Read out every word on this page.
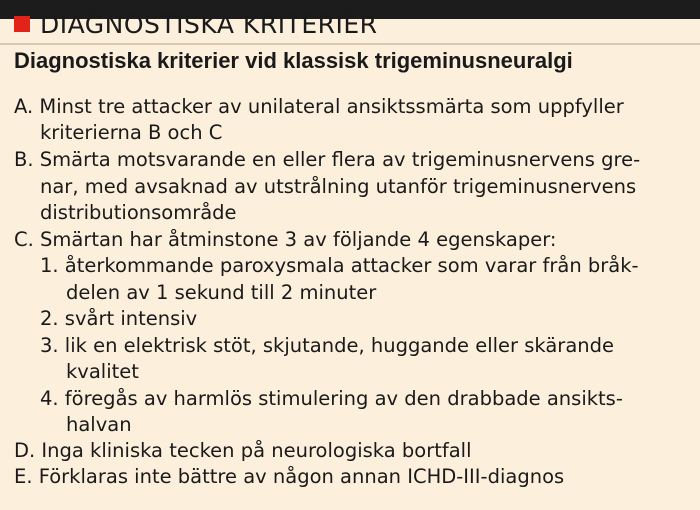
DIAGNOSTISKA KRITERIER
Diagnostiska kriterier vid klassisk trigeminusneuralgi
A. Minst tre attacker av unilateral ansiktssmärta som uppfyller
kriterierna B och C
B. Smärta motsvarande en eller flera av trigeminusnervens gre-
nar, med avsaknad av utstrålning utanför trigeminusnervens
distributionsområde
C. Smärtan har åtminstone 3 av följande 4 egenskaper:
1. återkommande paroxysmala attacker som varar från bråk-
delen av 1 sekund till 2 minuter
2. svårt intensiv
3. lik en elektrisk stöt, skjutande, huggande eller skärande
kvalitet
4. föregås av harmlös stimulering av den drabbade ansikts-
halvan
D. Inga kliniska tecken på neurologiska bortfall
E. Förklaras inte bättre av någon annan ICHD-III-diagnos
